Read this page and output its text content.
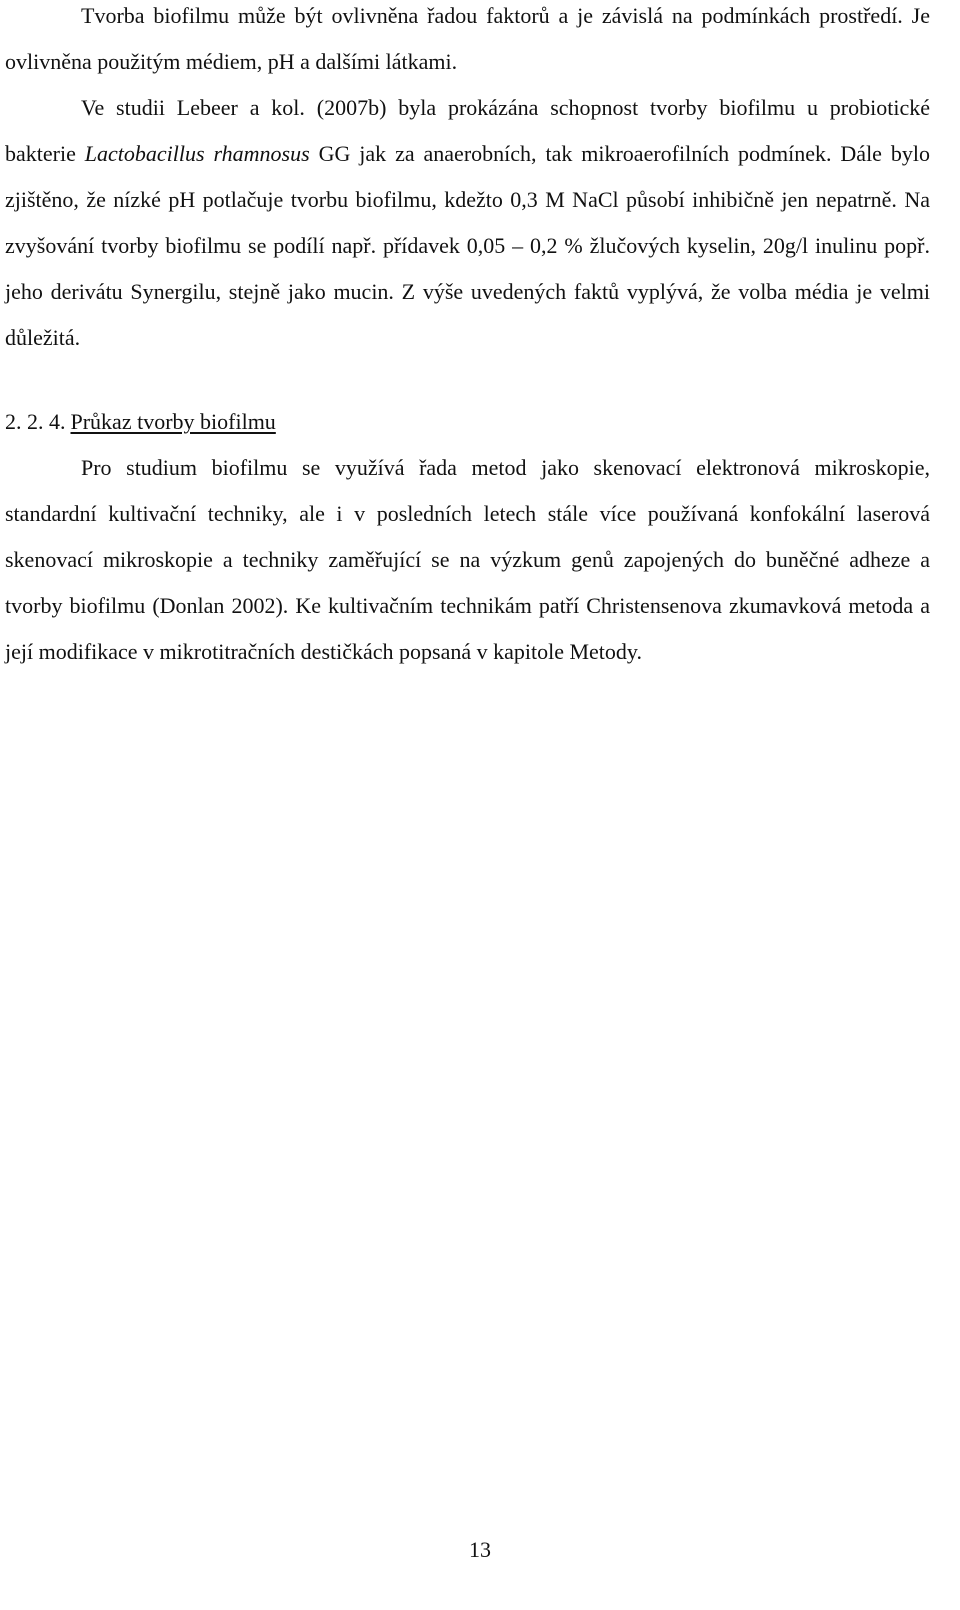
Tvorba biofilmu může být ovlivněna řadou faktorů a je závislá na podmínkách prostředí. Je ovlivněna použitým médiem, pH a dalšími látkami.

Ve studii Lebeer a kol. (2007b) byla prokázána schopnost tvorby biofilmu u probiotické bakterie Lactobacillus rhamnosus GG jak za anaerobních, tak mikroaerofilních podmínek. Dále bylo zjištěno, že nízké pH potlačuje tvorbu biofilmu, kdežto 0,3 M NaCl působí inhibičně jen nepatrně. Na zvyšování tvorby biofilmu se podílí např. přídavek 0,05 – 0,2 % žlučových kyselin, 20g/l inulinu popř. jeho derivátu Synergilu, stejně jako mucin. Z výše uvedených faktů vyplývá, že volba média je velmi důležitá.

2. 2. 4. Průkaz tvorby biofilmu

Pro studium biofilmu se využívá řada metod jako skenovací elektronová mikroskopie, standardní kultivační techniky, ale i v posledních letech stále více používaná konfokální laserová skenovací mikroskopie a techniky zaměřující se na výzkum genů zapojených do buněčné adheze a tvorby biofilmu (Donlan 2002). Ke kultivačním technikám patří Christensenova zkumavková metoda a její modifikace v mikrotitračních destičkách popsaná v kapitole Metody.

13
